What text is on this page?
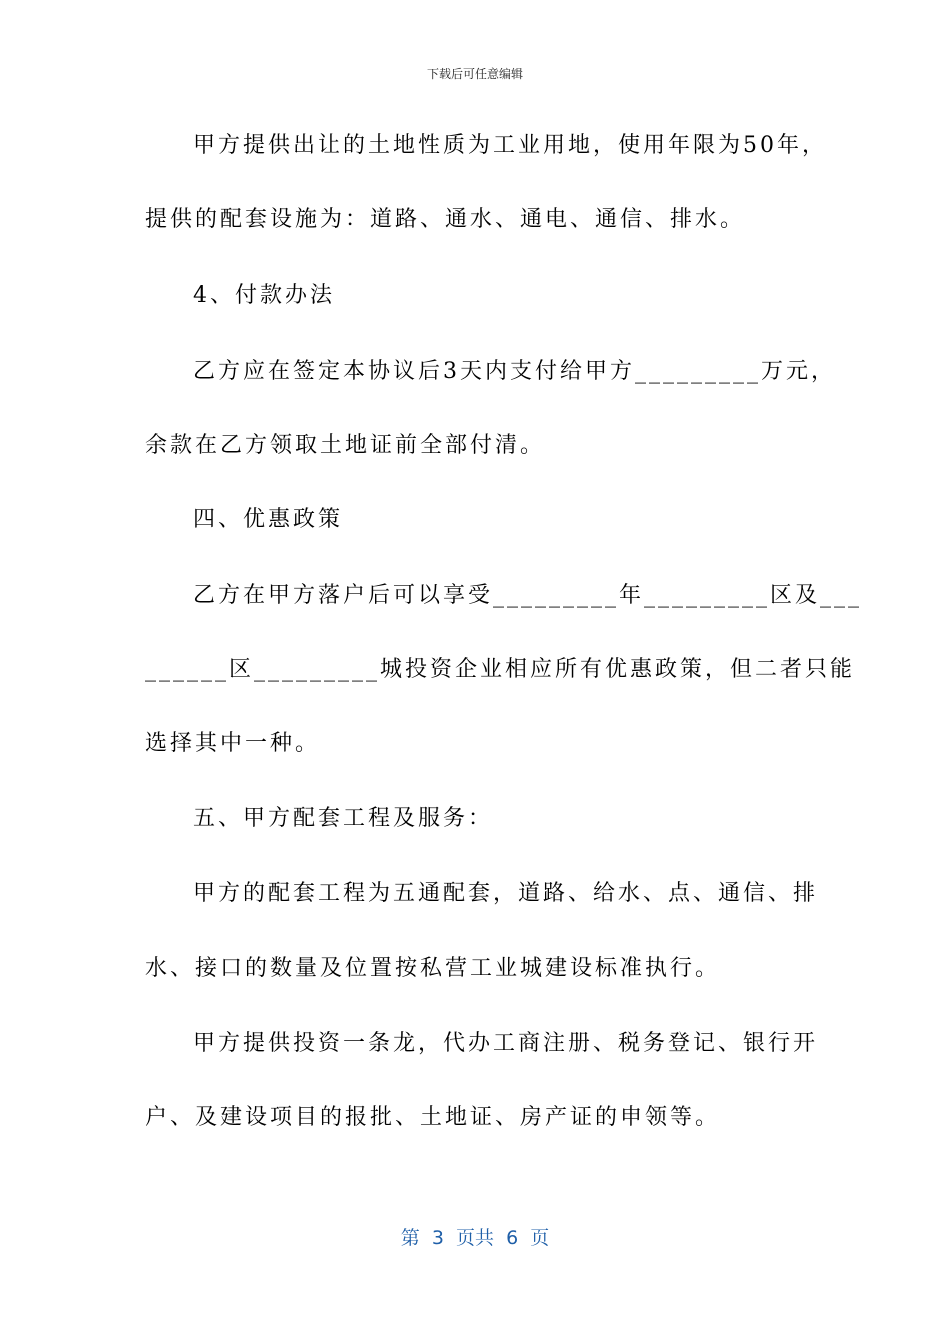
下载后可任意编辑
甲方提供出让的土地性质为工业用地，使用年限为50年，
提供的配套设施为：道路、通水、通电、通信、排水。
4、付款办法
乙方应在签定本协议后3天内支付给甲方_________万元，
余款在乙方领取土地证前全部付清。
四、优惠政策
乙方在甲方落户后可以享受_________年_________区及___
______区_________城投资企业相应所有优惠政策，但二者只能
选择其中一种。
五、甲方配套工程及服务：
甲方的配套工程为五通配套，道路、给水、点、通信、排
水、接口的数量及位置按私营工业城建设标准执行。
甲方提供投资一条龙，代办工商注册、税务登记、银行开
户、及建设项目的报批、土地证、房产证的申领等。
第  3  页共  6  页
